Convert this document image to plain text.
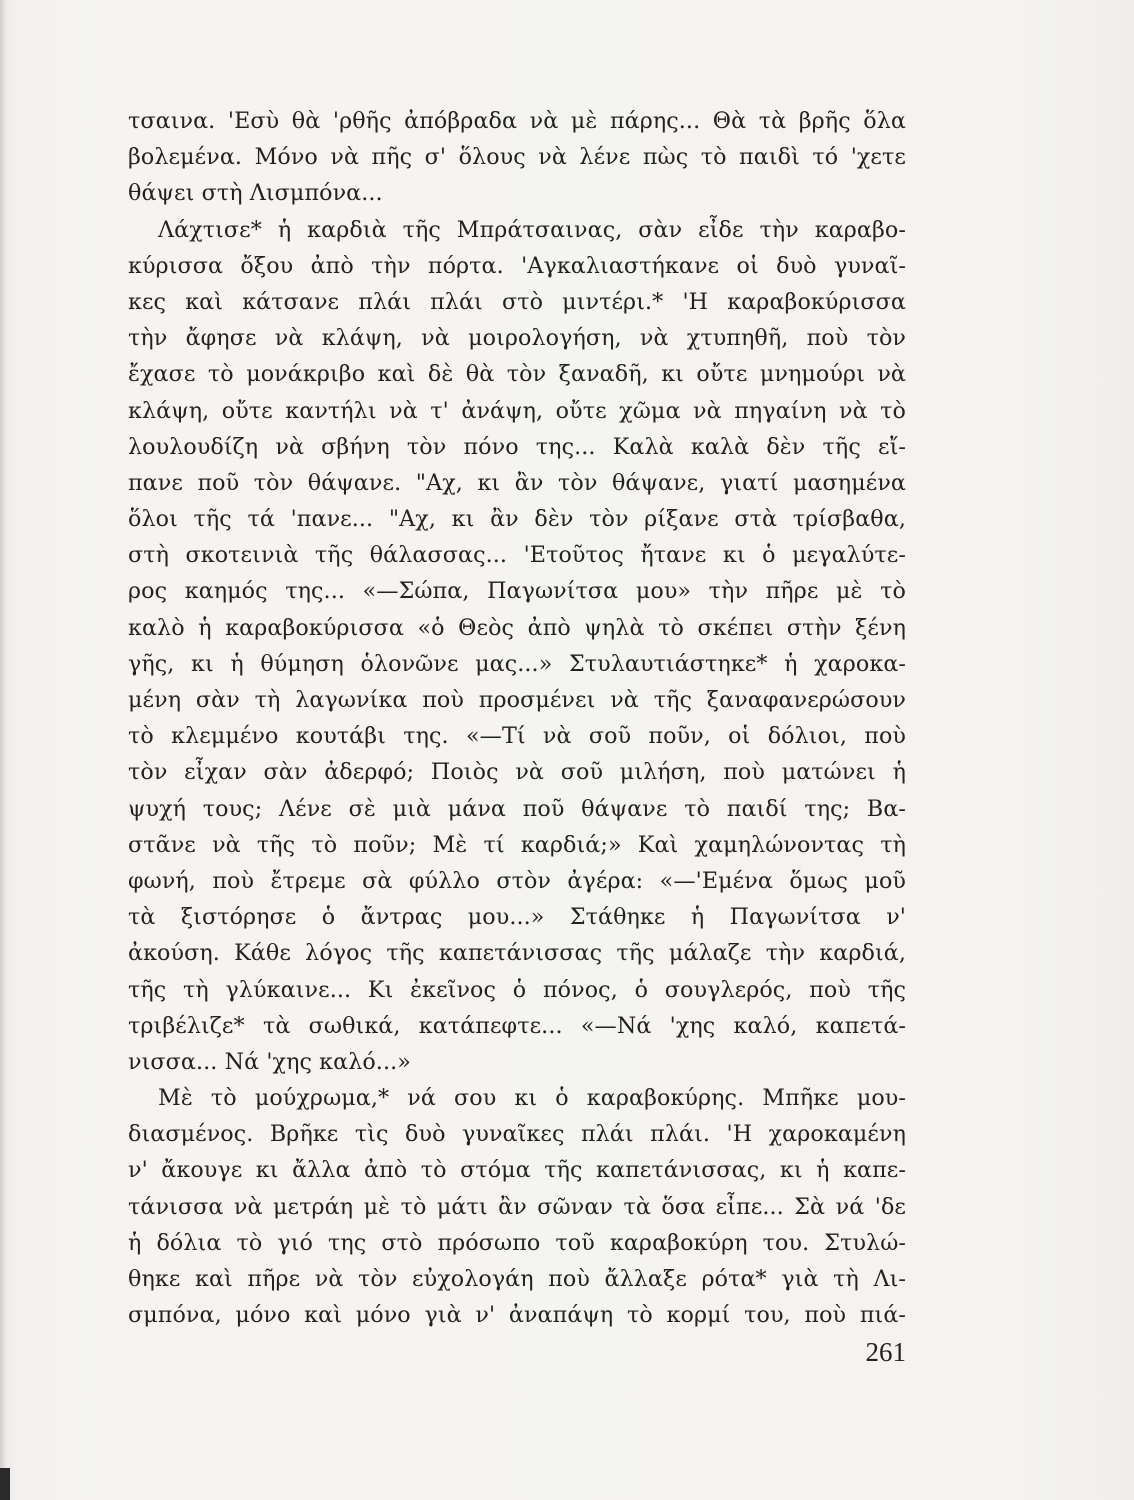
τσαινα. 'Εσὺ θὰ 'ρθῆς ἀπόβραδα νὰ μὲ πάρης... Θὰ τὰ βρῆς ὅλα
βολεμένα. Μόνο νὰ πῆς σ' ὅλους νὰ λένε πὼς τὸ παιδὶ τό 'χετε
θάψει στὴ Λισμπόνα...
Λάχτισε* ἡ καρδιὰ τῆς Μπράτσαινας, σὰν εἶδε τὴν καραβο-
κύρισσα ὄξου ἀπὸ τὴν πόρτα. 'Αγκαλιαστήκανε οἱ δυὸ γυναῖ-
κες καὶ κάτσανε πλάι πλάι στὸ μιντέρι.* 'Η καραβοκύρισσα
τὴν ἄφησε νὰ κλάψη, νὰ μοιρολογήση, νὰ χτυπηθῆ, ποὺ τὸν
ἔχασε τὸ μονάκριβο καὶ δὲ θὰ τὸν ξαναδῆ, κι οὔτε μνημούρι νὰ
κλάψη, οὔτε καντήλι νὰ τ' ἀνάψη, οὔτε χῶμα νὰ πηγαίνη νὰ τὸ
λουλουδίζη νὰ σβήνη τὸν πόνο της... Καλὰ καλὰ δὲν τῆς εἴ-
πανε ποῦ τὸν θάψανε. "Αχ, κι ἂν τὸν θάψανε, γιατί μασημένα
ὅλοι τῆς τά 'πανε... "Αχ, κι ἂν δὲν τὸν ρίξανε στὰ τρίσβαθα,
στὴ σκοτεινιὰ τῆς θάλασσας... 'Ετοῦτος ἤτανε κι ὁ μεγαλύτε-
ρος καημός της... «—Σώπα, Παγωνίτσα μου» τὴν πῆρε μὲ τὸ
καλὸ ἡ καραβοκύρισσα «ὁ Θεὸς ἀπὸ ψηλὰ τὸ σκέπει στὴν ξένη
γῆς, κι ἡ θύμηση ὁλονῶνε μας...» Στυλαυτιάστηκε* ἡ χαροκα-
μένη σὰν τὴ λαγωνίκα ποὺ προσμένει νὰ τῆς ξαναφανερώσουν
τὸ κλεμμένο κουτάβι της. «—Τί νὰ σοῦ ποῦν, οἱ δόλιοι, ποὺ
τὸν εἶχαν σὰν ἀδερφό; Ποιὸς νὰ σοῦ μιλήση, ποὺ ματώνει ἡ
ψυχή τους; Λένε σὲ μιὰ μάνα ποῦ θάψανε τὸ παιδί της; Βα-
στᾶνε νὰ τῆς τὸ ποῦν; Μὲ τί καρδιά;» Καὶ χαμηλώνοντας τὴ
φωνή, ποὺ ἔτρεμε σὰ φύλλο στὸν ἀγέρα: «—'Εμένα ὅμως μοῦ
τὰ ξιστόρησε ὁ ἄντρας μου...» Στάθηκε ἡ Παγωνίτσα ν'
ἀκούση. Κάθε λόγος τῆς καπετάνισσας τῆς μάλαζε τὴν καρδιά,
τῆς τὴ γλύκαινε... Κι ἐκεῖνος ὁ πόνος, ὁ σουγλερός, ποὺ τῆς
τριβέλιζε* τὰ σωθικά, κατάπεφτε... «—Νά 'χης καλό, καπετά-
νισσα... Νά 'χης καλό...»
Μὲ τὸ μούχρωμα,* νά σου κι ὁ καραβοκύρης. Μπῆκε μου-
διασμένος. Βρῆκε τὶς δυὸ γυναῖκες πλάι πλάι. 'Η χαροκαμένη
ν' ἄκουγε κι ἄλλα ἀπὸ τὸ στόμα τῆς καπετάνισσας, κι ἡ καπε-
τάνισσα νὰ μετράη μὲ τὸ μάτι ἂν σῶναν τὰ ὅσα εἶπε... Σὰ νά 'δε
ἡ δόλια τὸ γιό της στὸ πρόσωπο τοῦ καραβοκύρη του. Στυλώ-
θηκε καὶ πῆρε νὰ τὸν εὐχολογάη ποὺ ἄλλαξε ρότα* γιὰ τὴ Λι-
σμπόνα, μόνο καὶ μόνο γιὰ ν' ἀναπάψη τὸ κορμί του, ποὺ πιά-
261
